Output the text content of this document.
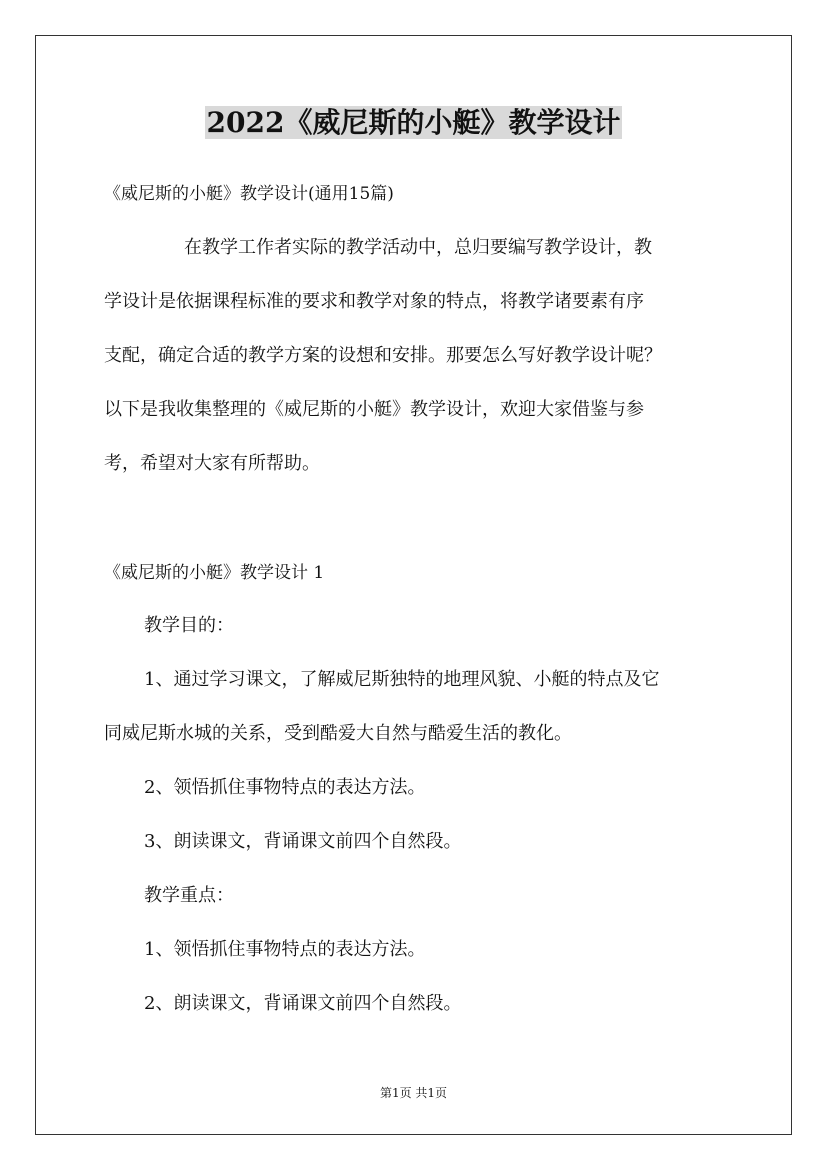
2022《威尼斯的小艇》教学设计
《威尼斯的小艇》教学设计(通用15篇)
在教学工作者实际的教学活动中，总归要编写教学设计，教
学设计是依据课程标准的要求和教学对象的特点，将教学诸要素有序
支配，确定合适的教学方案的设想和安排。那要怎么写好教学设计呢？
以下是我收集整理的《威尼斯的小艇》教学设计，欢迎大家借鉴与参
考，希望对大家有所帮助。
《威尼斯的小艇》教学设计 1
教学目的：
1、通过学习课文，了解威尼斯独特的地理风貌、小艇的特点及它
同威尼斯水城的关系，受到酷爱大自然与酷爱生活的教化。
2、领悟抓住事物特点的表达方法。
3、朗读课文，背诵课文前四个自然段。
教学重点：
1、领悟抓住事物特点的表达方法。
2、朗读课文，背诵课文前四个自然段。
第1页 共1页
